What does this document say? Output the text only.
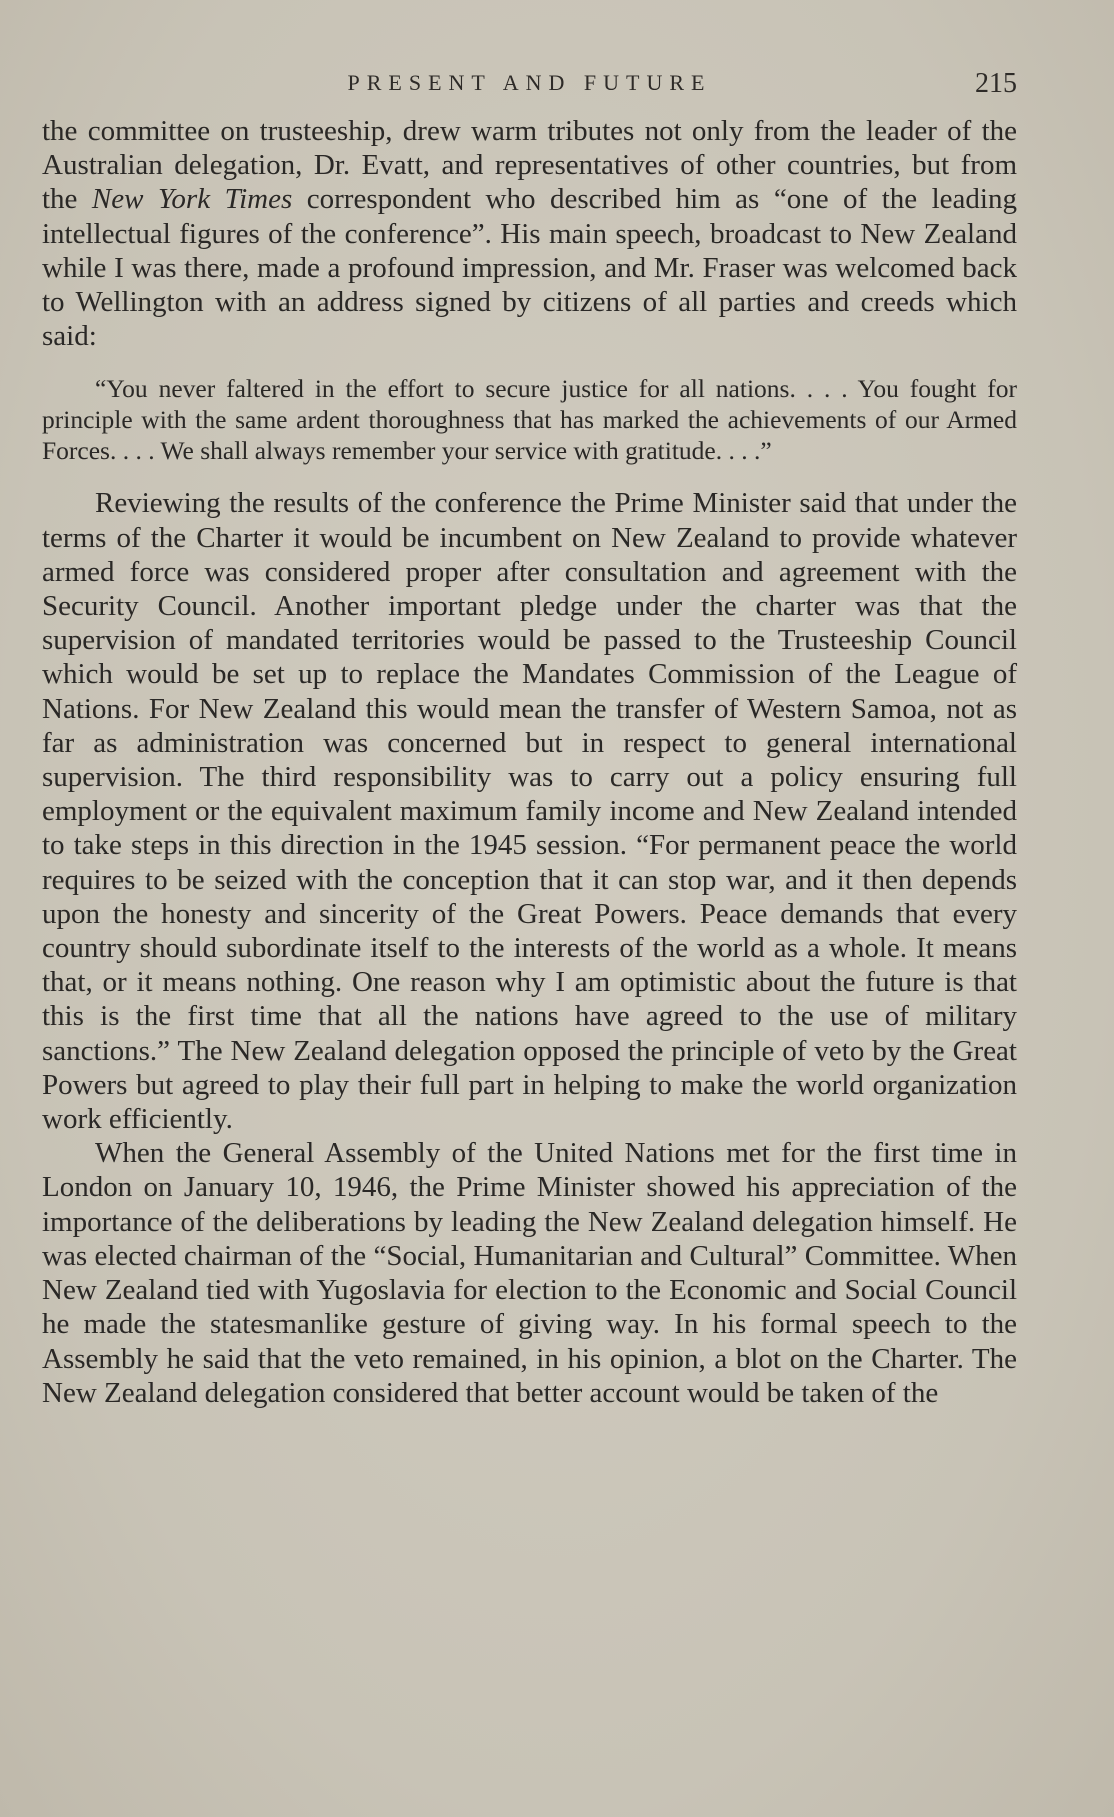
PRESENT AND FUTURE	215

the committee on trusteeship, drew warm tributes not only from the leader of the Australian delegation, Dr. Evatt, and representatives of other countries, but from the New York Times correspondent who described him as “one of the leading intellectual figures of the conference”. His main speech, broadcast to New Zealand while I was there, made a profound impression, and Mr. Fraser was welcomed back to Wellington with an address signed by citizens of all parties and creeds which said:

“You never faltered in the effort to secure justice for all nations. . . . You fought for principle with the same ardent thoroughness that has marked the achievements of our Armed Forces. . . . We shall always remember your service with gratitude. . . .”

Reviewing the results of the conference the Prime Minister said that under the terms of the Charter it would be incumbent on New Zealand to provide whatever armed force was considered proper after consultation and agreement with the Security Council. Another important pledge under the charter was that the supervision of mandated territories would be passed to the Trusteeship Council which would be set up to replace the Mandates Commission of the League of Nations. For New Zealand this would mean the transfer of Western Samoa, not as far as administration was concerned but in respect to general international supervision. The third responsibility was to carry out a policy ensuring full employment or the equivalent maximum family income and New Zealand intended to take steps in this direction in the 1945 session. “For permanent peace the world requires to be seized with the conception that it can stop war, and it then depends upon the honesty and sincerity of the Great Powers. Peace demands that every country should subordinate itself to the interests of the world as a whole. It means that, or it means nothing. One reason why I am optimistic about the future is that this is the first time that all the nations have agreed to the use of military sanctions.” The New Zealand delegation opposed the principle of veto by the Great Powers but agreed to play their full part in helping to make the world organization work efficiently.

When the General Assembly of the United Nations met for the first time in London on January 10, 1946, the Prime Minister showed his appreciation of the importance of the deliberations by leading the New Zealand delegation himself. He was elected chairman of the “Social, Humanitarian and Cultural” Committee. When New Zealand tied with Yugoslavia for election to the Economic and Social Council he made the statesmanlike gesture of giving way. In his formal speech to the Assembly he said that the veto remained, in his opinion, a blot on the Charter. The New Zealand delegation considered that better account would be taken of the
